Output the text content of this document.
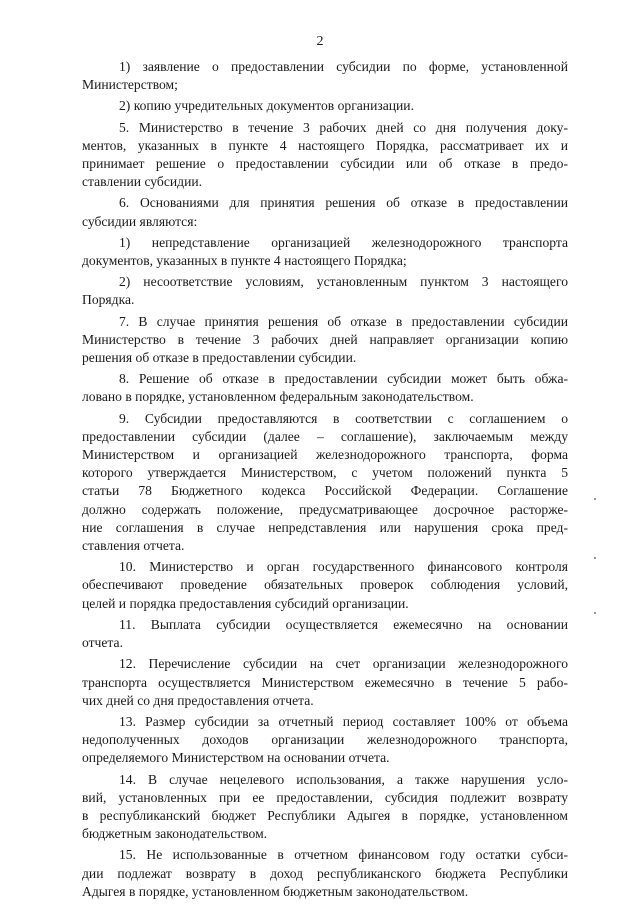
2
1) заявление о предоставлении субсидии по форме, установленной
Министерством;
2) копию учредительных документов организации.
5. Министерство в течение 3 рабочих дней со дня получения доку-
ментов, указанных в пункте 4 настоящего Порядка, рассматривает их и
принимает решение о предоставлении субсидии или об отказе в предо-
ставлении субсидии.
6. Основаниями для принятия решения об отказе в предоставлении
субсидии являются:
1) непредставление организацией железнодорожного транспорта
документов, указанных в пункте 4 настоящего Порядка;
2) несоответствие условиям, установленным пунктом 3 настоящего
Порядка.
7. В случае принятия решения об отказе в предоставлении субсидии
Министерство в течение 3 рабочих дней направляет организации копию
решения об отказе в предоставлении субсидии.
8. Решение об отказе в предоставлении субсидии может быть обжа-
ловано в порядке, установленном федеральным законодательством.
9. Субсидии предоставляются в соответствии с соглашением о
предоставлении субсидии (далее – соглашение), заключаемым между
Министерством и организацией железнодорожного транспорта, форма
которого утверждается Министерством, с учетом положений пункта 5
статьи 78 Бюджетного кодекса Российской Федерации. Соглашение
должно содержать положение, предусматривающее досрочное расторже-
ние соглашения в случае непредставления или нарушения срока пред-
ставления отчета.
10. Министерство и орган государственного финансового контроля
обеспечивают проведение обязательных проверок соблюдения условий,
целей и порядка предоставления субсидий организации.
11. Выплата субсидии осуществляется ежемесячно на основании
отчета.
12. Перечисление субсидии на счет организации железнодорожного
транспорта осуществляется Министерством ежемесячно в течение 5 рабо-
чих дней со дня предоставления отчета.
13. Размер субсидии за отчетный период составляет 100% от объема
недополученных доходов организации железнодорожного транспорта,
определяемого Министерством на основании отчета.
14. В случае нецелевого использования, а также нарушения усло-
вий, установленных при ее предоставлении, субсидия подлежит возврату
в республиканский бюджет Республики Адыгея в порядке, установленном
бюджетным законодательством.
15. Не использованные в отчетном финансовом году остатки субси-
дии подлежат возврату в доход республиканского бюджета Республики
Адыгея в порядке, установленном бюджетным законодательством.
